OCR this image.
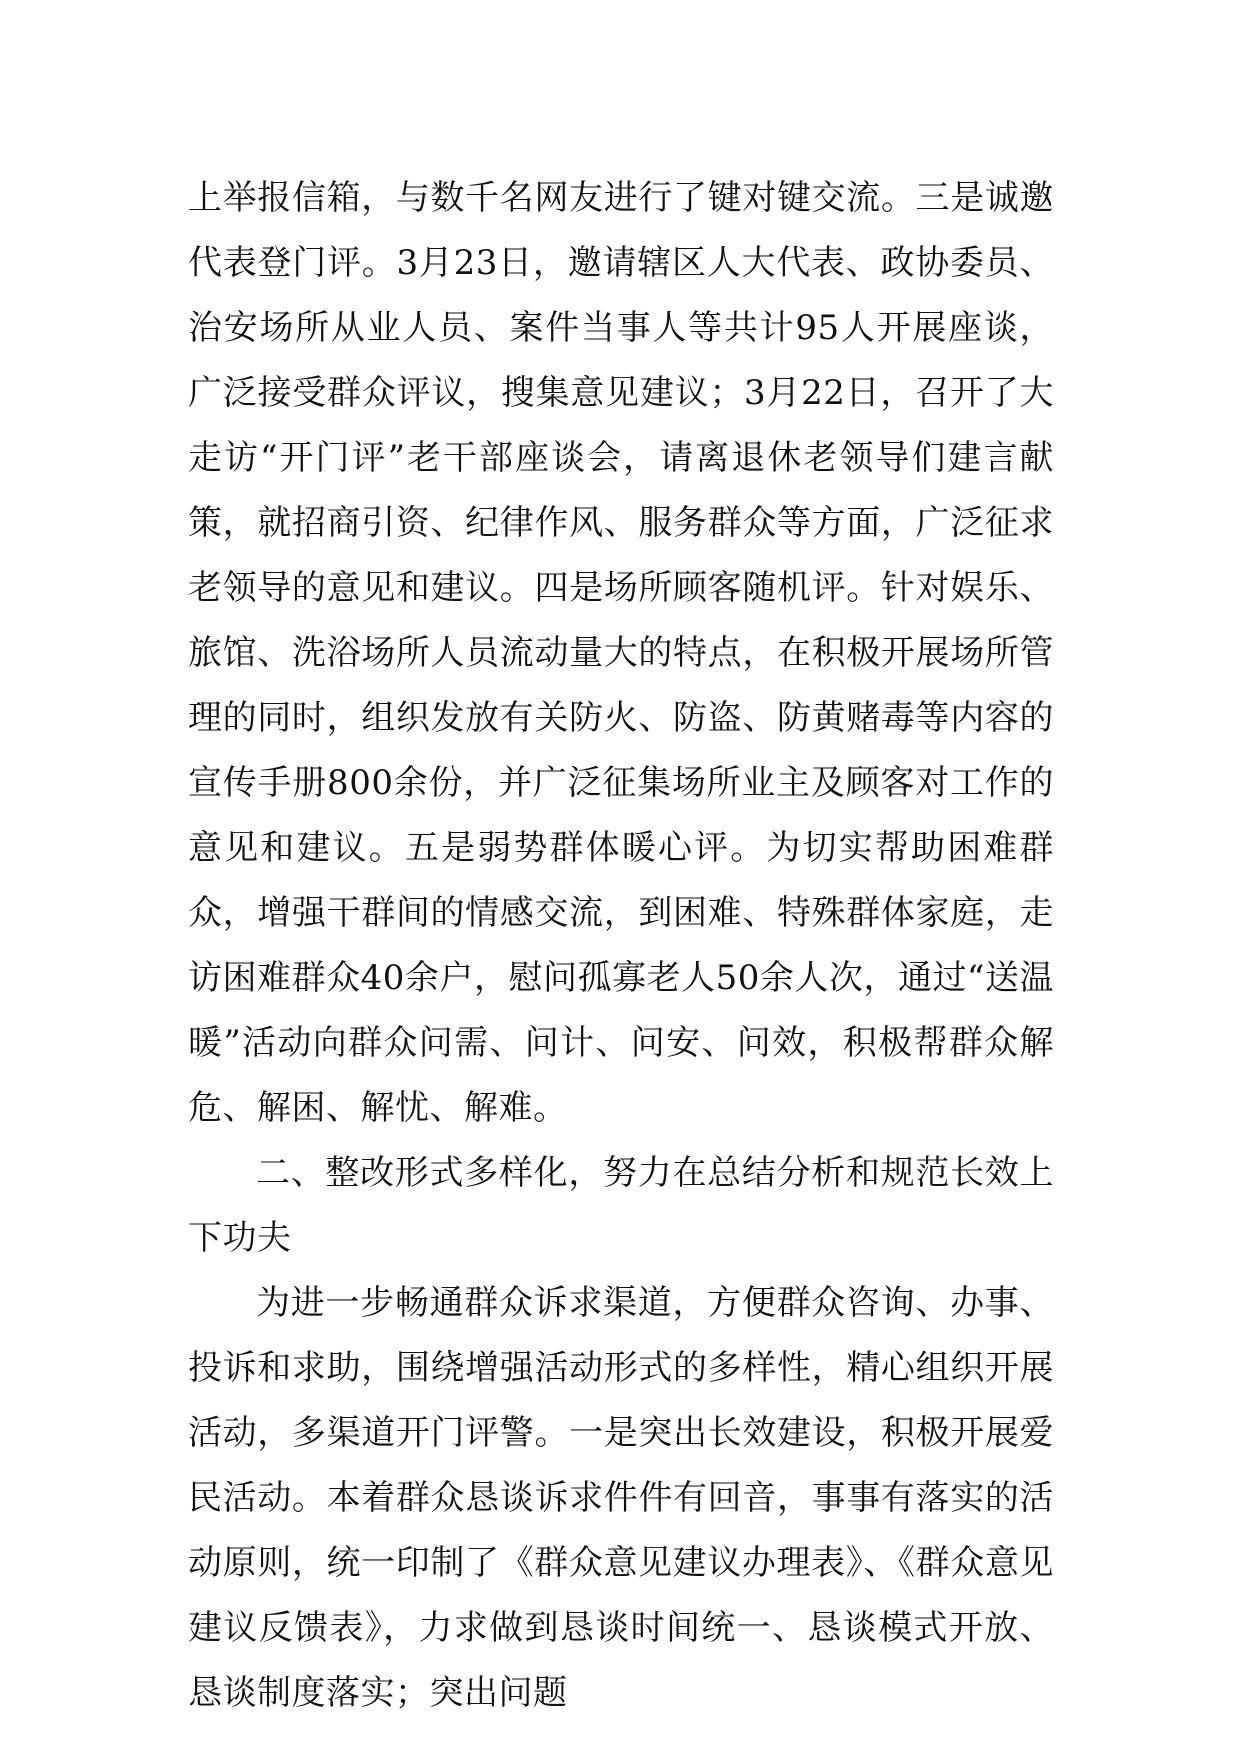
上举报信箱，与数千名网友进行了键对键交流。三是诚邀代表登门评。3月23日，邀请辖区人大代表、政协委员、治安场所从业人员、案件当事人等共计95人开展座谈，广泛接受群众评议，搜集意见建议；3月22日，召开了大走访“开门评”老干部座谈会，请离退休老领导们建言献策，就招商引资、纪律作风、服务群众等方面，广泛征求老领导的意见和建议。四是场所顾客随机评。针对娱乐、旅馆、洗浴场所人员流动量大的特点，在积极开展场所管理的同时，组织发放有关防火、防盗、防黄赌毒等内容的宣传手册800余份，并广泛征集场所业主及顾客对工作的意见和建议。五是弱势群体暖心评。为切实帮助困难群众，增强干群间的情感交流，到困难、特殊群体家庭，走访困难群众40余户，慰问孤寡老人50余人次，通过“送温暖”活动向群众问需、问计、问安、问效，积极帮群众解危、解困、解忧、解难。

二、整改形式多样化，努力在总结分析和规范长效上下功夫

为进一步畅通群众诉求渠道，方便群众咨询、办事、投诉和求助，围绕增强活动形式的多样性，精心组织开展活动，多渠道开门评警。一是突出长效建设，积极开展爱民活动。本着群众恳谈诉求件件有回音，事事有落实的活动原则，统一印制了《群众意见建议办理表》、《群众意见建议反馈表》，力求做到恳谈时间统一、恳谈模式开放、恳谈制度落实；突出问题
